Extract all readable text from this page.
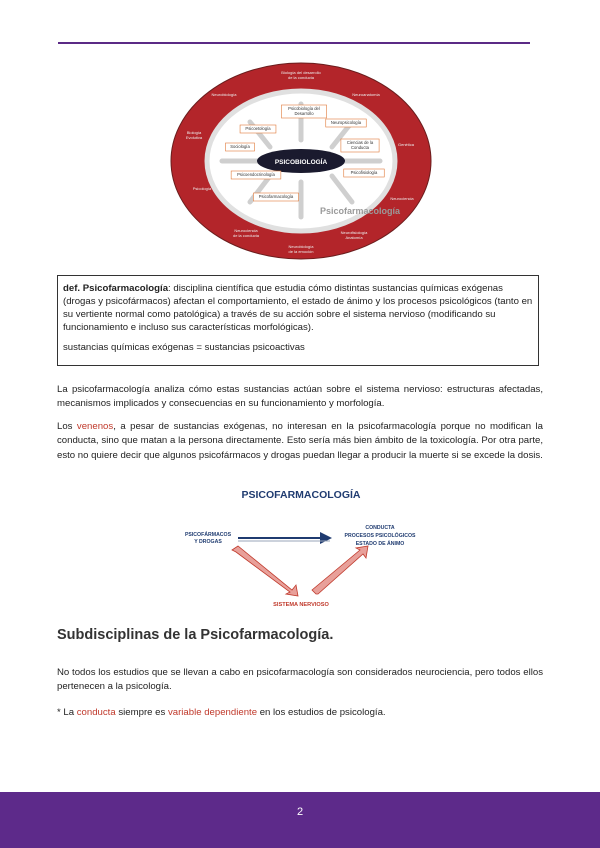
PSICOBIOLOGÍA
Biología del desarrollo
de la conducta
Neurobiología	Neuroanatomía
Biología
Evolutiva
Genética
Psicología
Neurociencia
Neurociencia
de la conducta
Neurofisiología
Anatomía
Neurobiología
de la emoción
Psicobiología del
Desarrollo
Psicoetología
Neuropsicología
Sociología
Ciencias de la
Conducta
Psicofisiología
Psicoendocrinología
Psicofarmacología
Psicofarmacología

def. Psicofarmacología: disciplina científica que estudia cómo distintas sustancias químicas exógenas (drogas y psicofármacos) afectan el comportamiento, el estado de ánimo y los procesos psicológicos (tanto en su vertiente normal como patológica) a través de su acción sobre el sistema nervioso (modificando su funcionamiento e incluso sus características morfológicas).

sustancias químicas exógenas = sustancias psicoactivas

La psicofarmacología analiza cómo estas sustancias actúan sobre el sistema nervioso: estructuras afectadas, mecanismos implicados y consecuencias en su funcionamiento y morfología.

Los venenos, a pesar de sustancias exógenas, no interesan en la psicofarmacología porque no modifican la conducta, sino que matan a la persona directamente. Esto sería más bien ámbito de la toxicología. Por otra parte, esto no quiere decir que algunos psicofármacos y drogas puedan llegar a producir la muerte si se excede la dosis.

PSICOFARMACOLOGÍA
PSICOFÁRMACOS
Y DROGAS
CONDUCTA
PROCESOS PSICOLÓGICOS
ESTADO DE ÁNIMO
SISTEMA NERVIOSO
Subdisciplinas de la Psicofarmacología.

No todos los estudios que se llevan a cabo en psicofarmacología son considerados neurociencia, pero todos ellos pertenecen a la psicología.

* La conducta siempre es variable dependiente en los estudios de psicología.

2
